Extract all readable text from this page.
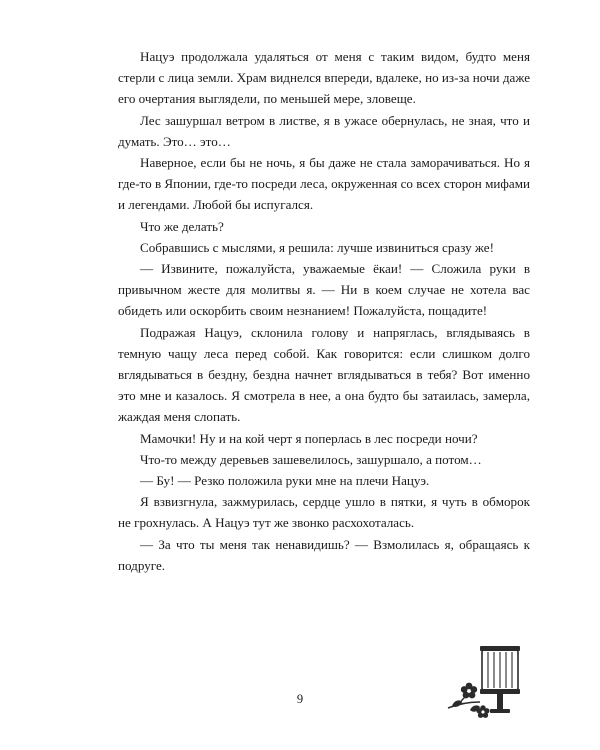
Нацуэ продолжала удаляться от меня с таким видом, будто меня стерли с лица земли. Храм виднелся впереди, вдалеке, но из-за ночи даже его очертания выглядели, по меньшей мере, зловеще.

Лес зашуршал ветром в листве, я в ужасе обернулась, не зная, что и думать. Это… это…

Наверное, если бы не ночь, я бы даже не стала заморачиваться. Но я где-то в Японии, где-то посреди леса, окруженная со всех сторон мифами и легендами. Любой бы испугался.

Что же делать?

Собравшись с мыслями, я решила: лучше извиниться сразу же!

— Извините, пожалуйста, уважаемые ёкаи! — Сложила руки в привычном жесте для молитвы я. — Ни в коем случае не хотела вас обидеть или оскорбить своим незнанием! Пожалуйста, пощадите!

Подражая Нацуэ, склонила голову и напряглась, вглядываясь в темную чащу леса перед собой. Как говорится: если слишком долго вглядываться в бездну, бездна начнет вглядываться в тебя? Вот именно это мне и казалось. Я смотрела в нее, а она будто бы затаилась, замерла, жаждая меня слопать.

Мамочки! Ну и на кой черт я поперлась в лес посреди ночи?

Что-то между деревьев зашевелилось, зашуршало, а потом…

— Бу! — Резко положила руки мне на плечи Нацуэ.

Я взвизгнула, зажмурилась, сердце ушло в пятки, я чуть в обморок не грохнулась. А Нацуэ тут же звонко расхохоталась.

— За что ты меня так ненавидишь? — Взмолилась я, обращаясь к подруге.

9
